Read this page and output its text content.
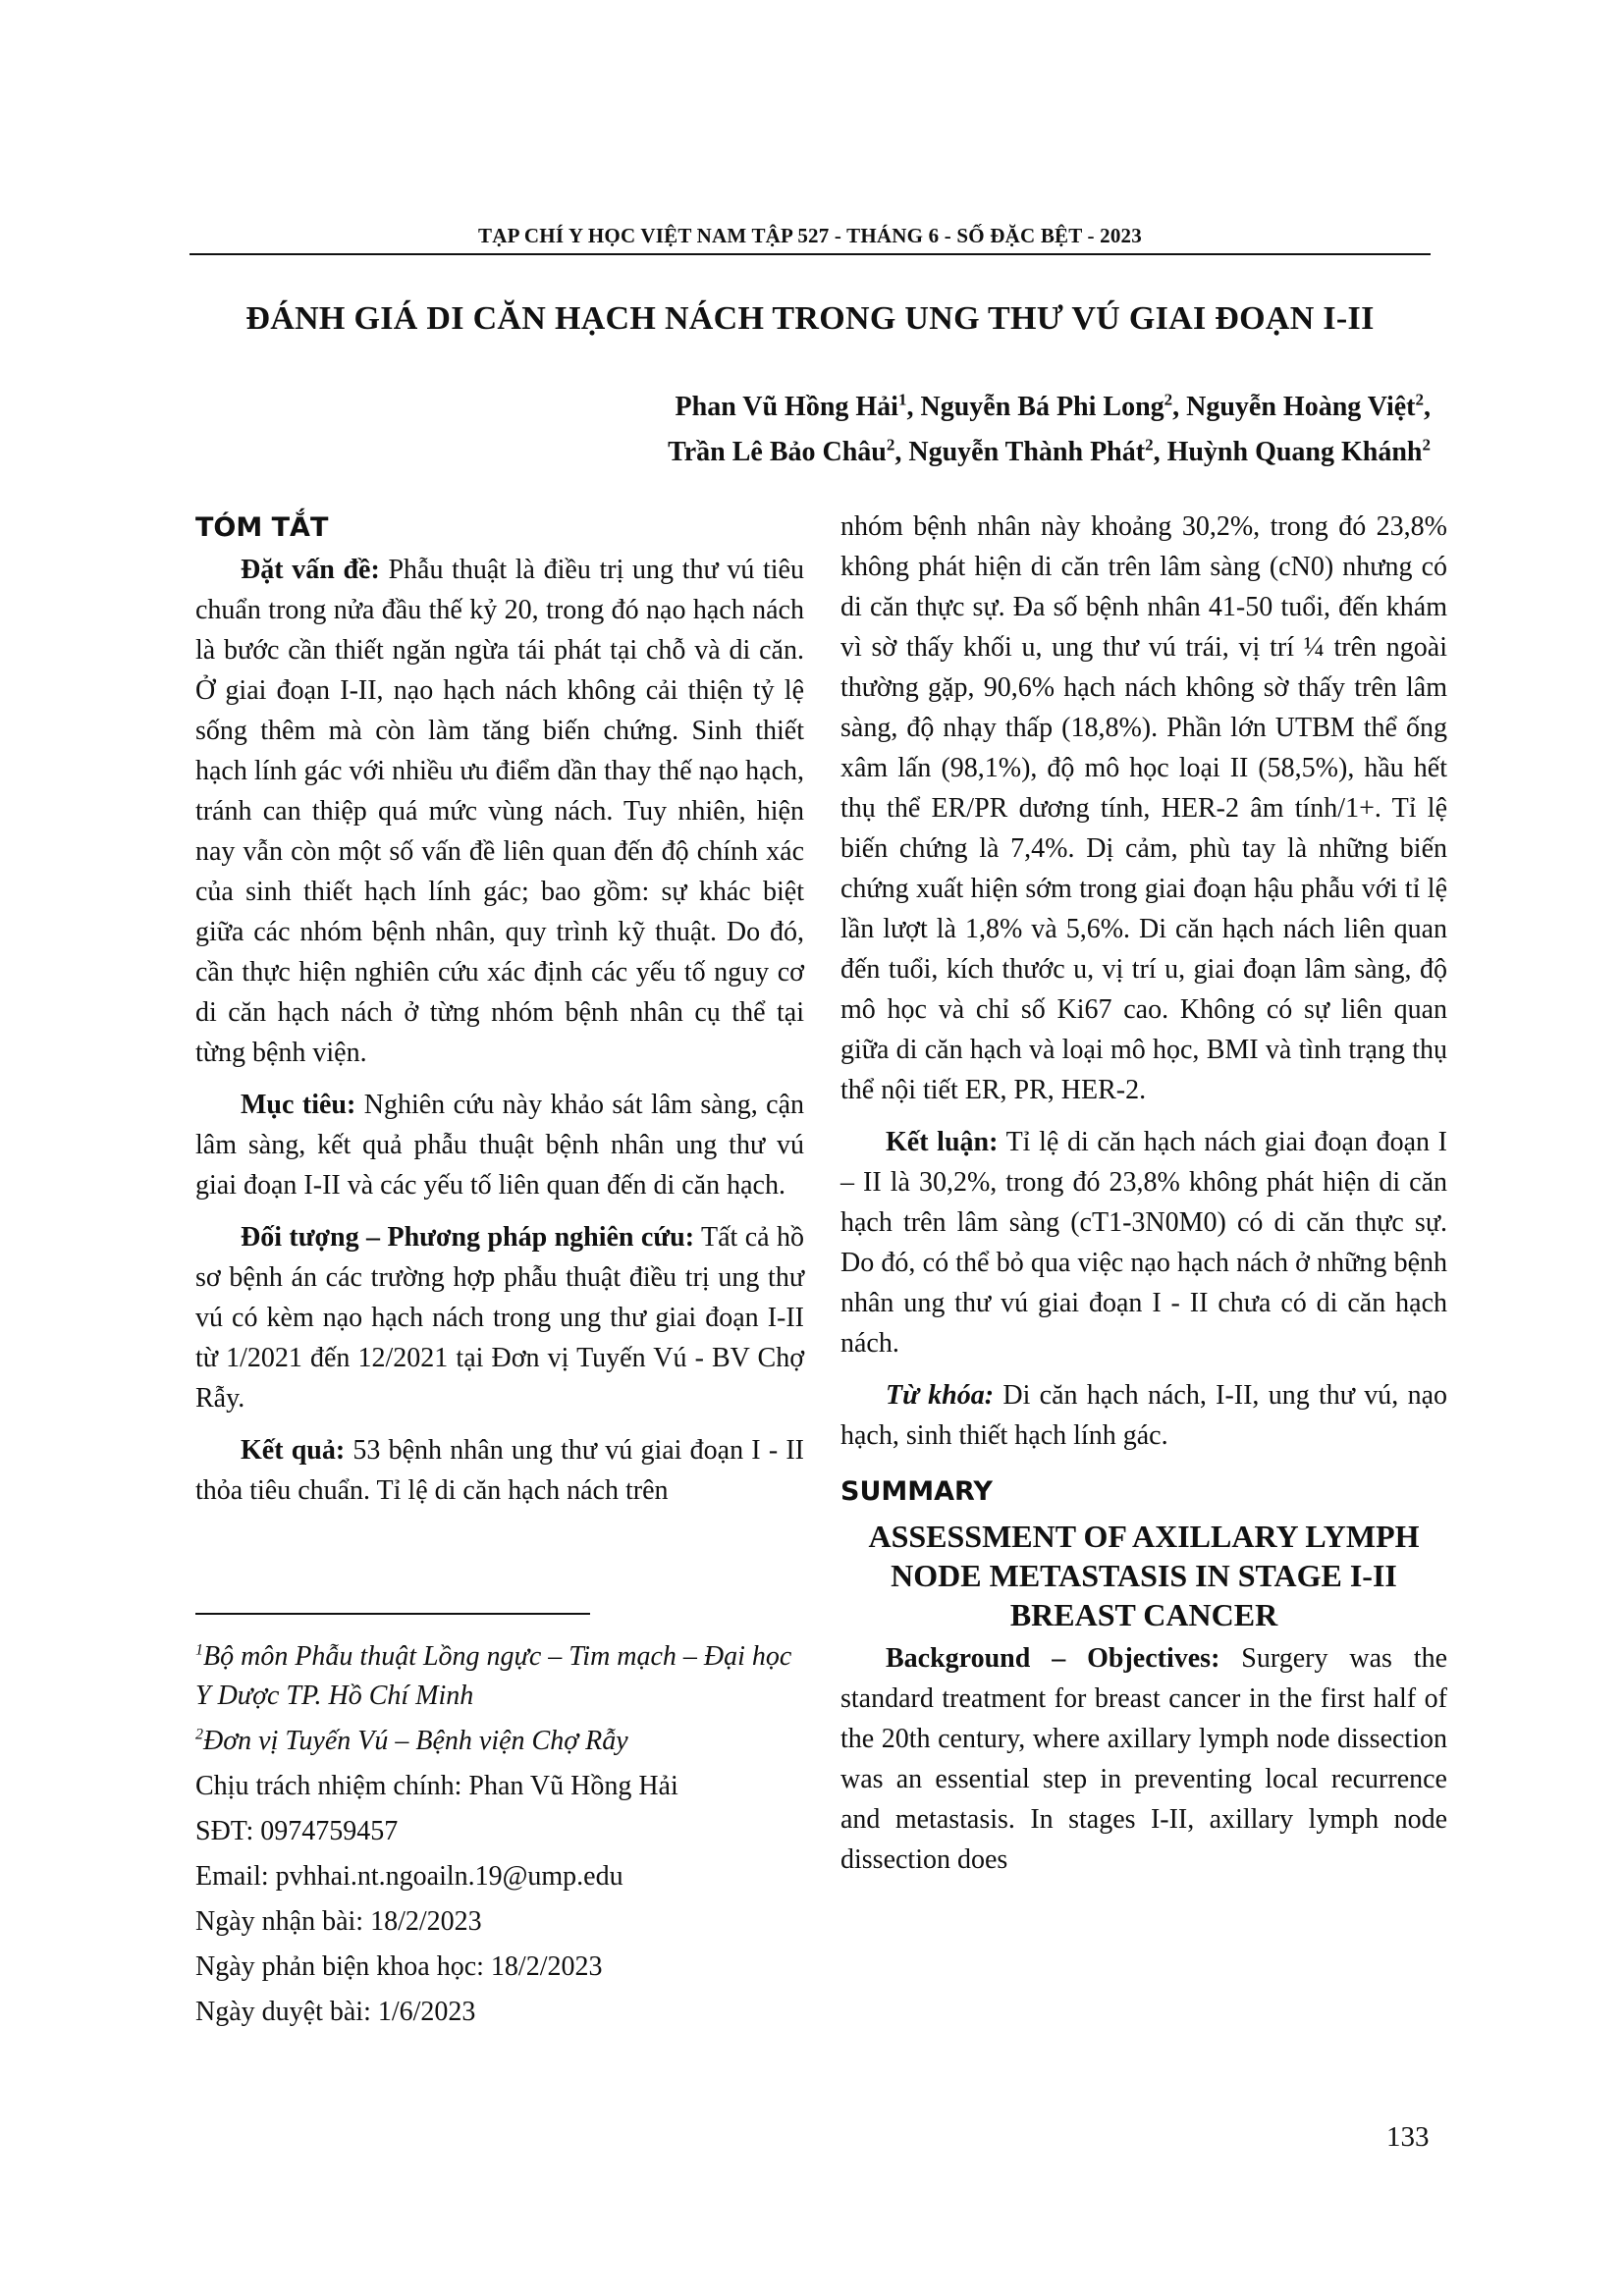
TẠP CHÍ Y HỌC VIỆT NAM TẬP 527 - THÁNG 6 - SỐ ĐẶC BỆT - 2023
ĐÁNH GIÁ DI CĂN HẠCH NÁCH TRONG UNG THƯ VÚ GIAI ĐOẠN I-II
Phan Vũ Hồng Hải$^1$, Nguyễn Bá Phi Long$^2$, Nguyễn Hoàng Việt$^2$,
Trần Lê Bảo Châu$^2$, Nguyễn Thành Phát$^2$, Huỳnh Quang Khánh$^2$
TÓM TẮT

Đặt vấn đề: Phẫu thuật là điều trị ung thư vú tiêu chuẩn trong nửa đầu thế kỷ 20, trong đó nạo hạch nách là bước cần thiết ngăn ngừa tái phát tại chỗ và di căn. Ở giai đoạn I-II, nạo hạch nách không cải thiện tỷ lệ sống thêm mà còn làm tăng biến chứng. Sinh thiết hạch lính gác với nhiều ưu điểm dần thay thế nạo hạch, tránh can thiệp quá mức vùng nách. Tuy nhiên, hiện nay vẫn còn một số vấn đề liên quan đến độ chính xác của sinh thiết hạch lính gác; bao gồm: sự khác biệt giữa các nhóm bệnh nhân, quy trình kỹ thuật. Do đó, cần thực hiện nghiên cứu xác định các yếu tố nguy cơ di căn hạch nách ở từng nhóm bệnh nhân cụ thể tại từng bệnh viện.

Mục tiêu: Nghiên cứu này khảo sát lâm sàng, cận lâm sàng, kết quả phẫu thuật bệnh nhân ung thư vú giai đoạn I-II và các yếu tố liên quan đến di căn hạch.

Đối tượng – Phương pháp nghiên cứu: Tất cả hồ sơ bệnh án các trường hợp phẫu thuật điều trị ung thư vú có kèm nạo hạch nách trong ung thư giai đoạn I-II từ 1/2021 đến 12/2021 tại Đơn vị Tuyến Vú - BV Chợ Rẫy.

Kết quả: 53 bệnh nhân ung thư vú giai đoạn I - II thỏa tiêu chuẩn. Tỉ lệ di căn hạch nách trên

$^1$Bộ môn Phẫu thuật Lồng ngực – Tim mạch – Đại học Y Dược TP. Hồ Chí Minh
$^2$Đơn vị Tuyến Vú – Bệnh viện Chợ Rẫy
Chịu trách nhiệm chính: Phan Vũ Hồng Hải
SĐT: 0974759457
Email: pvhhai.nt.ngoailn.19@ump.edu
Ngày nhận bài: 18/2/2023
Ngày phản biện khoa học: 18/2/2023
Ngày duyệt bài: 1/6/2023

nhóm bệnh nhân này khoảng 30,2%, trong đó 23,8% không phát hiện di căn trên lâm sàng (cN0) nhưng có di căn thực sự. Đa số bệnh nhân 41-50 tuổi, đến khám vì sờ thấy khối u, ung thư vú trái, vị trí ¼ trên ngoài thường gặp, 90,6% hạch nách không sờ thấy trên lâm sàng, độ nhạy thấp (18,8%). Phần lớn UTBM thể ống xâm lấn (98,1%), độ mô học loại II (58,5%), hầu hết thụ thể ER/PR dương tính, HER-2 âm tính/1+. Tỉ lệ biến chứng là 7,4%. Dị cảm, phù tay là những biến chứng xuất hiện sớm trong giai đoạn hậu phẫu với tỉ lệ lần lượt là 1,8% và 5,6%. Di căn hạch nách liên quan đến tuổi, kích thước u, vị trí u, giai đoạn lâm sàng, độ mô học và chỉ số Ki67 cao. Không có sự liên quan giữa di căn hạch và loại mô học, BMI và tình trạng thụ thể nội tiết ER, PR, HER-2.

Kết luận: Tỉ lệ di căn hạch nách giai đoạn đoạn I – II là 30,2%, trong đó 23,8% không phát hiện di căn hạch trên lâm sàng (cT1-3N0M0) có di căn thực sự. Do đó, có thể bỏ qua việc nạo hạch nách ở những bệnh nhân ung thư vú giai đoạn I - II chưa có di căn hạch nách.

Từ khóa: Di căn hạch nách, I-II, ung thư vú, nạo hạch, sinh thiết hạch lính gác.

SUMMARY
ASSESSMENT OF AXILLARY LYMPH
NODE METASTASIS IN STAGE I-II
BREAST CANCER

Background – Objectives: Surgery was the standard treatment for breast cancer in the first half of the 20th century, where axillary lymph node dissection was an essential step in preventing local recurrence and metastasis. In stages I-II, axillary lymph node dissection does

133
